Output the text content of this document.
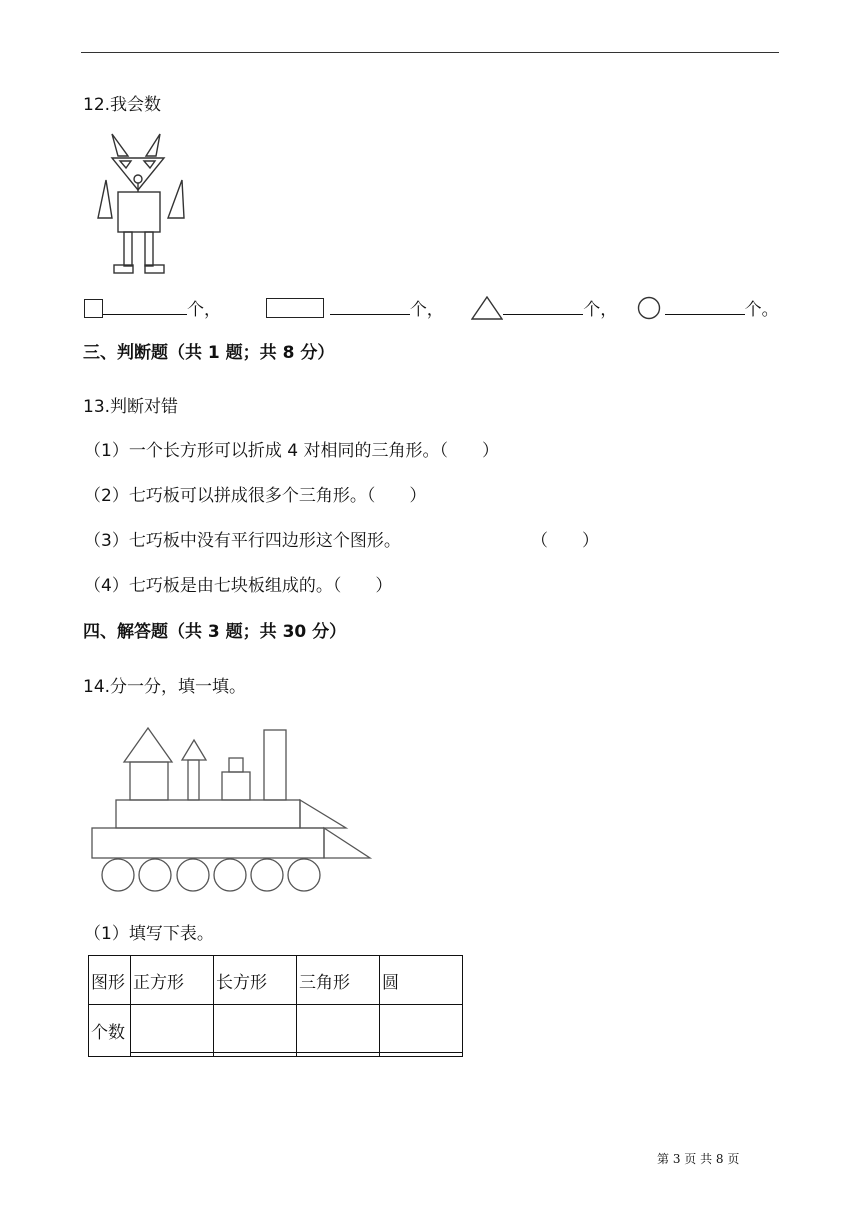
12.我会数
个，	个，	个，	个。
三、判断题（共 1 题；共 8 分）
13.判断对错
（1）一个长方形可以折成 4 对相同的三角形。（　　）
（2）七巧板可以拼成很多个三角形。（　　）
（3）七巧板中没有平行四边形这个图形。	（　　）
（4）七巧板是由七块板组成的。（　　）
四、解答题（共 3 题；共 30 分）
14.分一分，填一填。
（1）填写下表。
图形	正方形	长方形	三角形	圆
个数	

第 3 页 共 8 页
